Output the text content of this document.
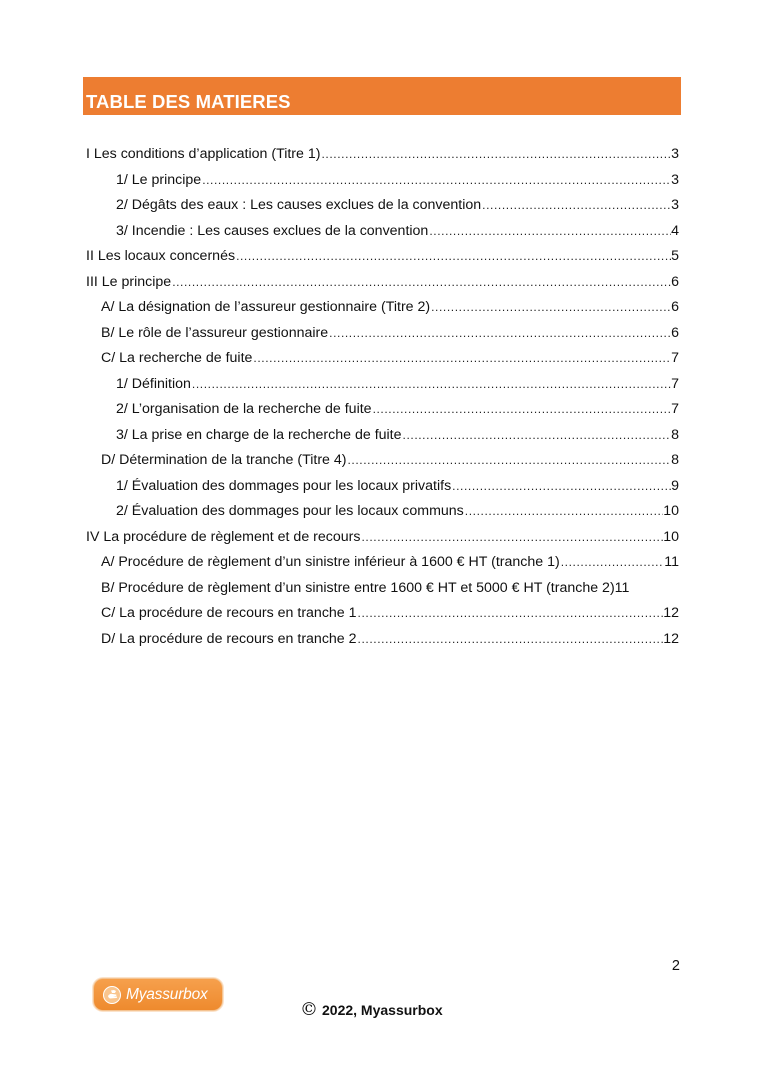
TABLE DES MATIERES
I Les conditions d’application (Titre 1) .....	3
1/ Le principe .....	3
2/ Dégâts des eaux : Les causes exclues de la convention .....	3
3/ Incendie : Les causes exclues de la convention .....	4
II Les locaux concernés .....	5
III Le principe .....	6
A/ La désignation de l’assureur gestionnaire (Titre 2) .....	6
B/ Le rôle de l’assureur gestionnaire .....	6
C/ La recherche de fuite .....	7
1/ Définition .....	7
2/ L’organisation de la recherche de fuite .....	7
3/ La prise en charge de la recherche de fuite .....	8
D/ Détermination de la tranche (Titre 4) .....	8
1/ Évaluation des dommages pour les locaux privatifs .....	9
2/ Évaluation des dommages pour les locaux communs .....	10
IV La procédure de règlement et de recours .....	10
A/ Procédure de règlement d’un sinistre inférieur à 1600 € HT (tranche 1) .....	11
B/ Procédure de règlement d’un sinistre entre 1600 € HT et 5000 € HT (tranche 2) 11
C/ La procédure de recours en tranche 1 .....	12
D/ La procédure de recours en tranche 2 .....	12
2
Myassurbox
© 2022, Myassurbox
